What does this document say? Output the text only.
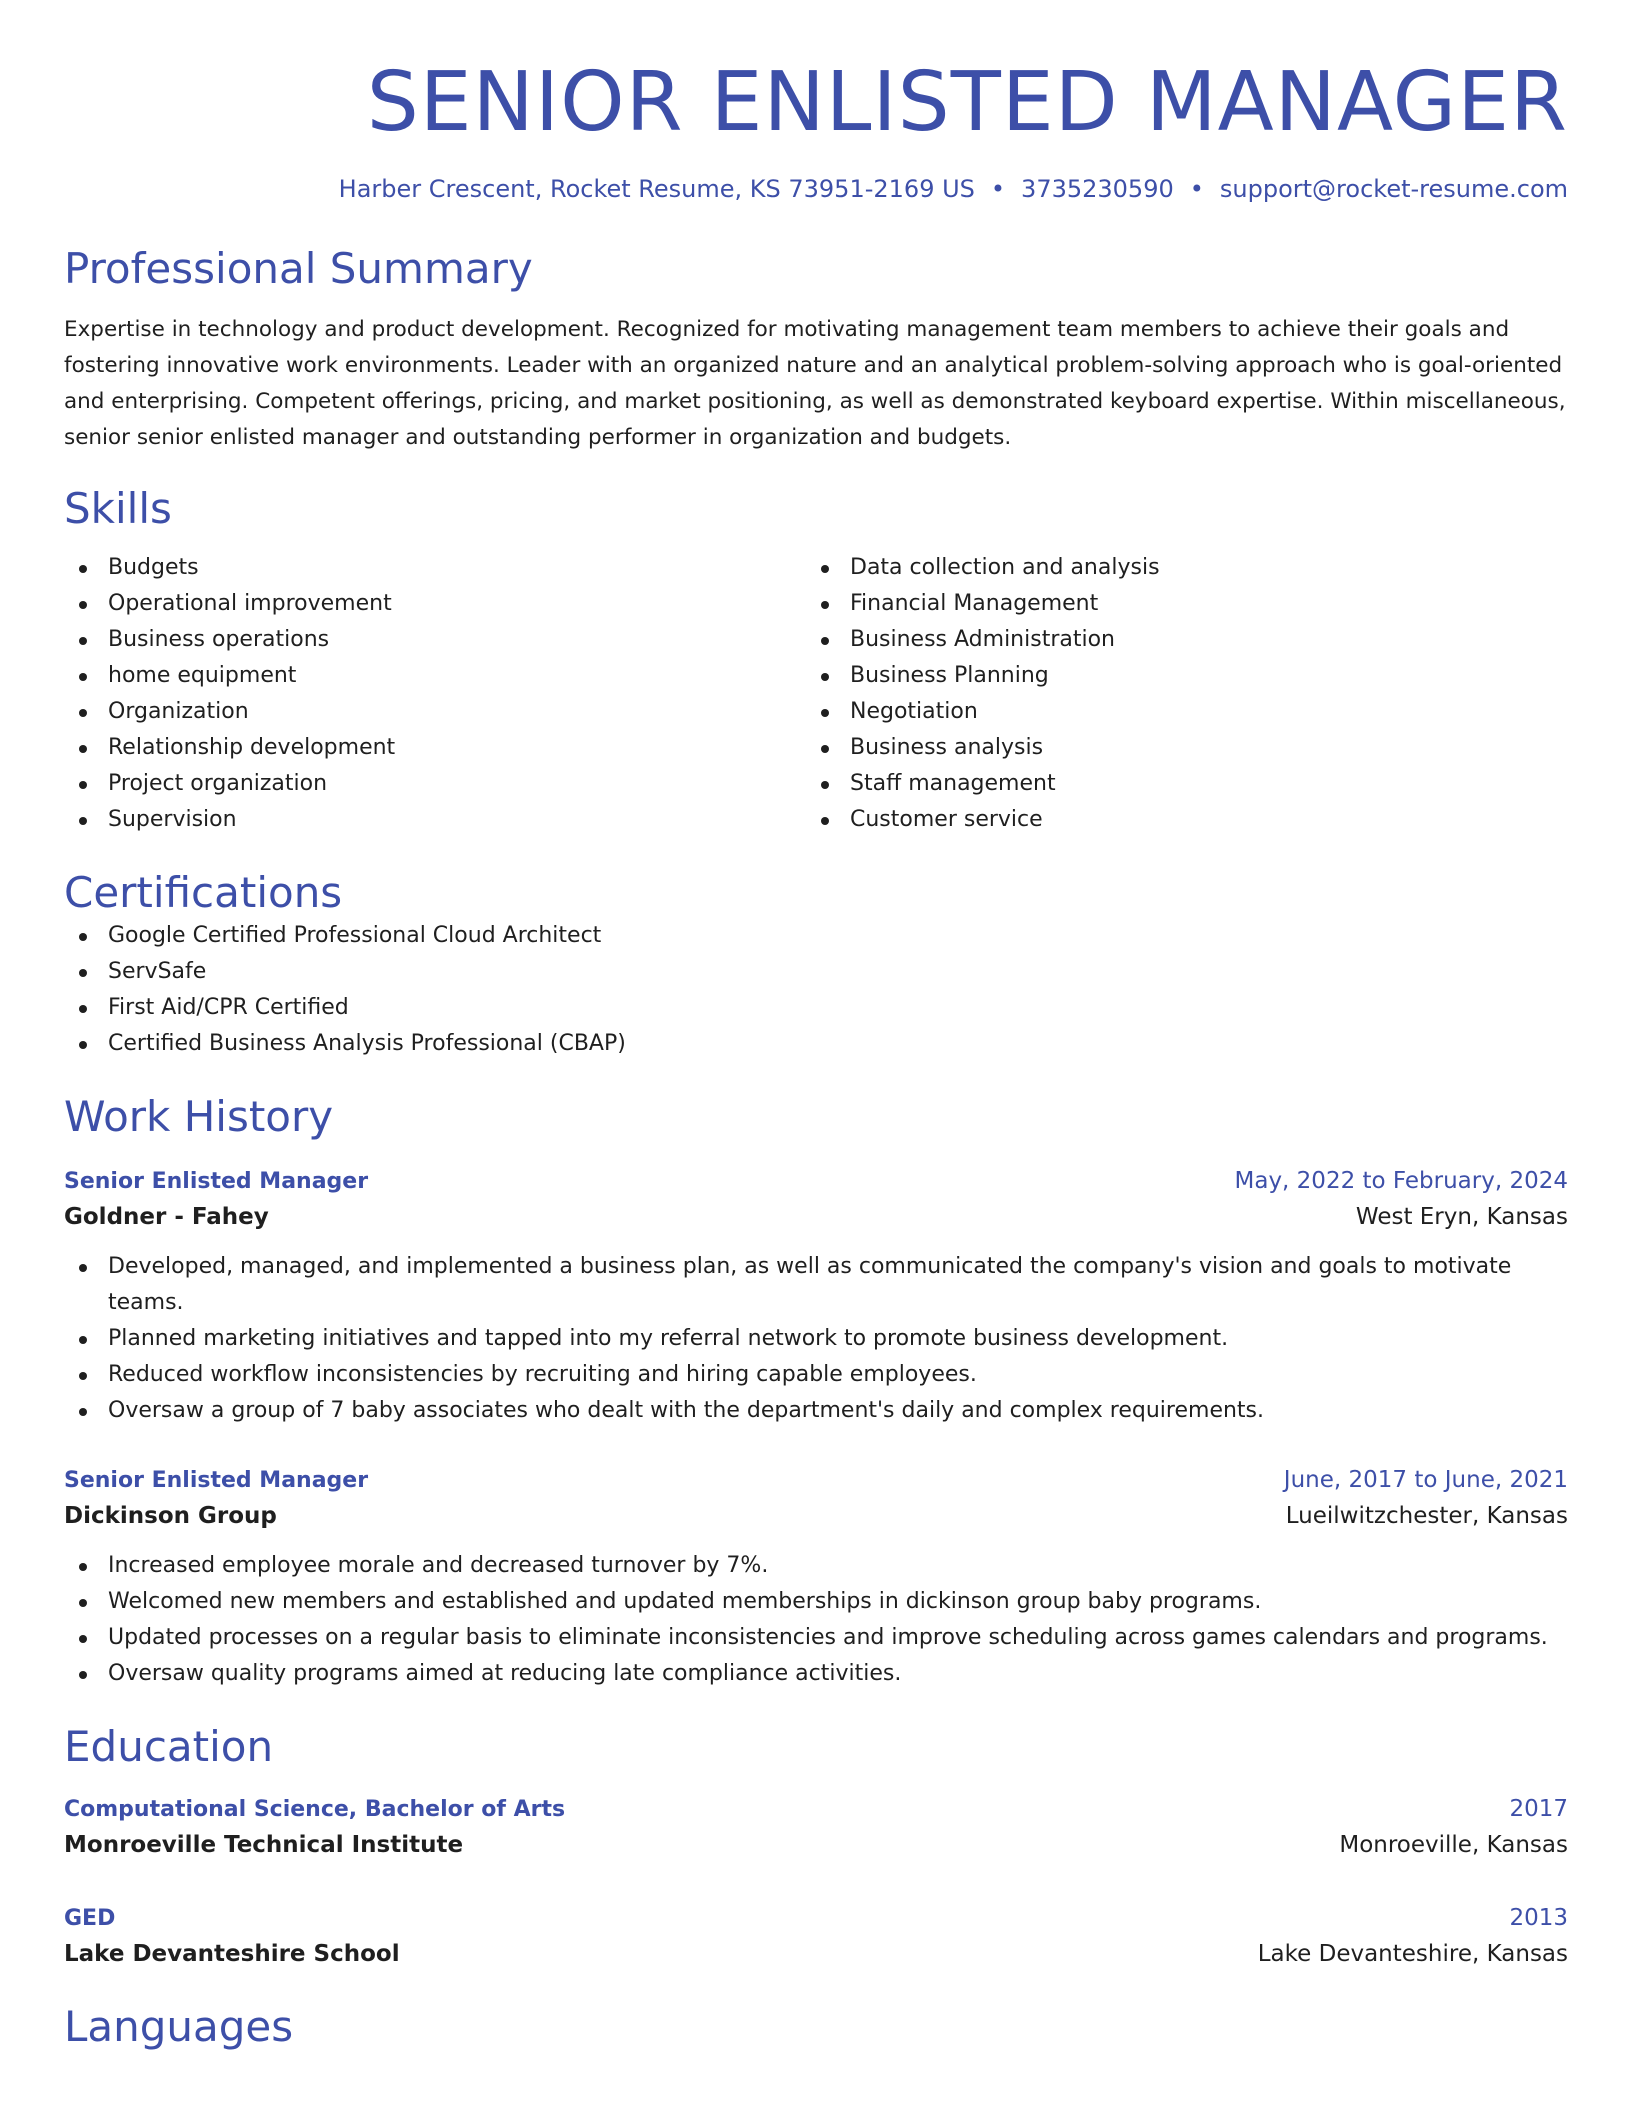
SENIOR ENLISTED MANAGER
Harber Crescent, Rocket Resume, KS 73951-2169 US • 3735230590 • support@rocket-resume.com
Professional Summary
Expertise in technology and product development. Recognized for motivating management team members to achieve their goals and fostering innovative work environments. Leader with an organized nature and an analytical problem-solving approach who is goal-oriented and enterprising. Competent offerings, pricing, and market positioning, as well as demonstrated keyboard expertise. Within miscellaneous, senior senior enlisted manager and outstanding performer in organization and budgets.
Skills
Budgets
Operational improvement
Business operations
home equipment
Organization
Relationship development
Project organization
Supervision
Data collection and analysis
Financial Management
Business Administration
Business Planning
Negotiation
Business analysis
Staff management
Customer service
Certifications
Google Certified Professional Cloud Architect
ServSafe
First Aid/CPR Certified
Certified Business Analysis Professional (CBAP)
Work History
Senior Enlisted Manager	May, 2022 to February, 2024
Goldner - Fahey	West Eryn, Kansas
Developed, managed, and implemented a business plan, as well as communicated the company's vision and goals to motivate teams.
Planned marketing initiatives and tapped into my referral network to promote business development.
Reduced workflow inconsistencies by recruiting and hiring capable employees.
Oversaw a group of 7 baby associates who dealt with the department's daily and complex requirements.
Senior Enlisted Manager	June, 2017 to June, 2021
Dickinson Group	Lueilwitzchester, Kansas
Increased employee morale and decreased turnover by 7%.
Welcomed new members and established and updated memberships in dickinson group baby programs.
Updated processes on a regular basis to eliminate inconsistencies and improve scheduling across games calendars and programs.
Oversaw quality programs aimed at reducing late compliance activities.
Education
Computational Science, Bachelor of Arts	2017
Monroeville Technical Institute	Monroeville, Kansas
GED	2013
Lake Devanteshire School	Lake Devanteshire, Kansas
Languages
